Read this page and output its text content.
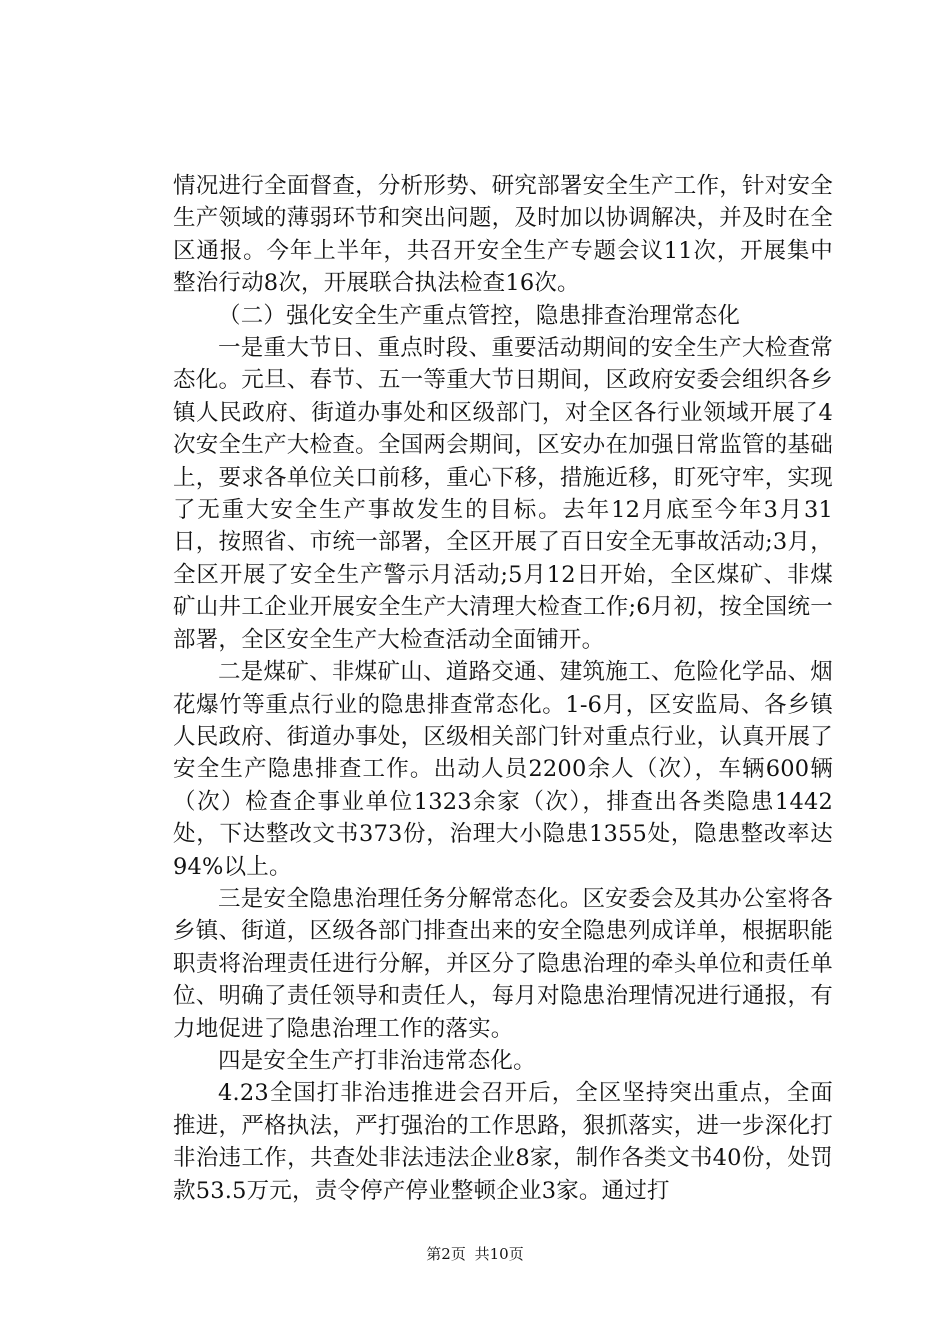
情况进行全面督查，分析形势、研究部署安全生产工作，针对安全生产领域的薄弱环节和突出问题，及时加以协调解决，并及时在全区通报。今年上半年，共召开安全生产专题会议11次，开展集中整治行动8次，开展联合执法检查16次。

（二）强化安全生产重点管控，隐患排查治理常态化

一是重大节日、重点时段、重要活动期间的安全生产大检查常态化。元旦、春节、五一等重大节日期间，区政府安委会组织各乡镇人民政府、街道办事处和区级部门，对全区各行业领域开展了4次安全生产大检查。全国两会期间，区安办在加强日常监管的基础上，要求各单位关口前移，重心下移，措施近移，盯死守牢，实现了无重大安全生产事故发生的目标。去年12月底至今年3月31日，按照省、市统一部署，全区开展了百日安全无事故活动;3月，全区开展了安全生产警示月活动;5月12日开始，全区煤矿、非煤矿山井工企业开展安全生产大清理大检查工作;6月初，按全国统一部署，全区安全生产大检查活动全面铺开。

二是煤矿、非煤矿山、道路交通、建筑施工、危险化学品、烟花爆竹等重点行业的隐患排查常态化。1-6月，区安监局、各乡镇人民政府、街道办事处，区级相关部门针对重点行业，认真开展了安全生产隐患排查工作。出动人员2200余人（次），车辆600辆（次）检查企事业单位1323余家（次），排查出各类隐患1442处，下达整改文书373份，治理大小隐患1355处，隐患整改率达94%以上。

三是安全隐患治理任务分解常态化。区安委会及其办公室将各乡镇、街道，区级各部门排查出来的安全隐患列成详单，根据职能职责将治理责任进行分解，并区分了隐患治理的牵头单位和责任单位、明确了责任领导和责任人，每月对隐患治理情况进行通报，有力地促进了隐患治理工作的落实。

四是安全生产打非治违常态化。

4.23全国打非治违推进会召开后，全区坚持突出重点，全面推进，严格执法，严打强治的工作思路，狠抓落实，进一步深化打非治违工作，共查处非法违法企业8家，制作各类文书40份，处罚款53.5万元，责令停产停业整顿企业3家。通过打

第2页 共10页
